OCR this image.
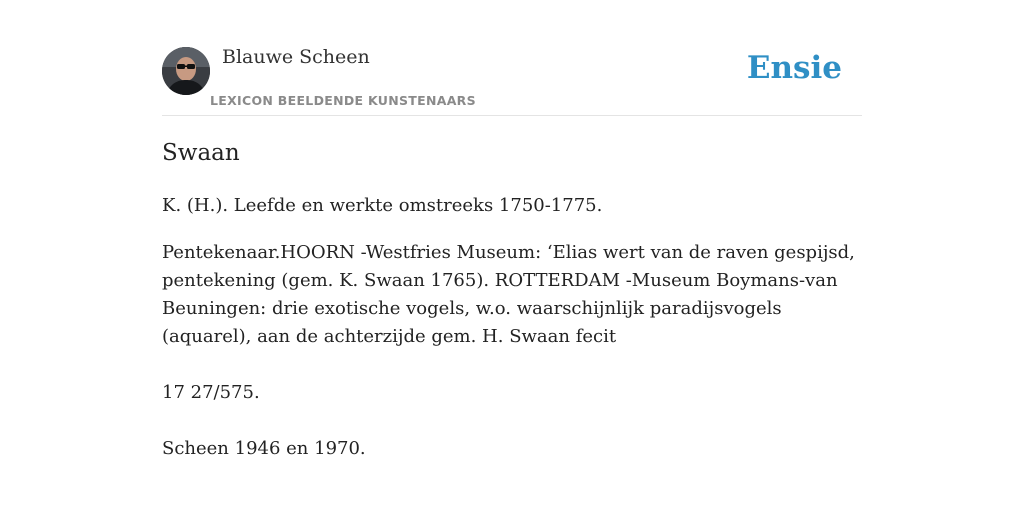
Blauwe Scheen
LEXICON BEELDENDE KUNSTENAARS
Ensie
Swaan

K. (H.). Leefde en werkte omstreeks 1750-1775.

Pentekenaar.HOORN -Westfries Museum: ‘Elias wert van de raven gespijsd, pentekening (gem. K. Swaan 1765). ROTTERDAM -Museum Boymans-van Beuningen: drie exotische vogels, w.o. waarschijnlijk paradijsvogels (aquarel), aan de achterzijde gem. H. Swaan fecit

17 27/575.

Scheen 1946 en 1970.
